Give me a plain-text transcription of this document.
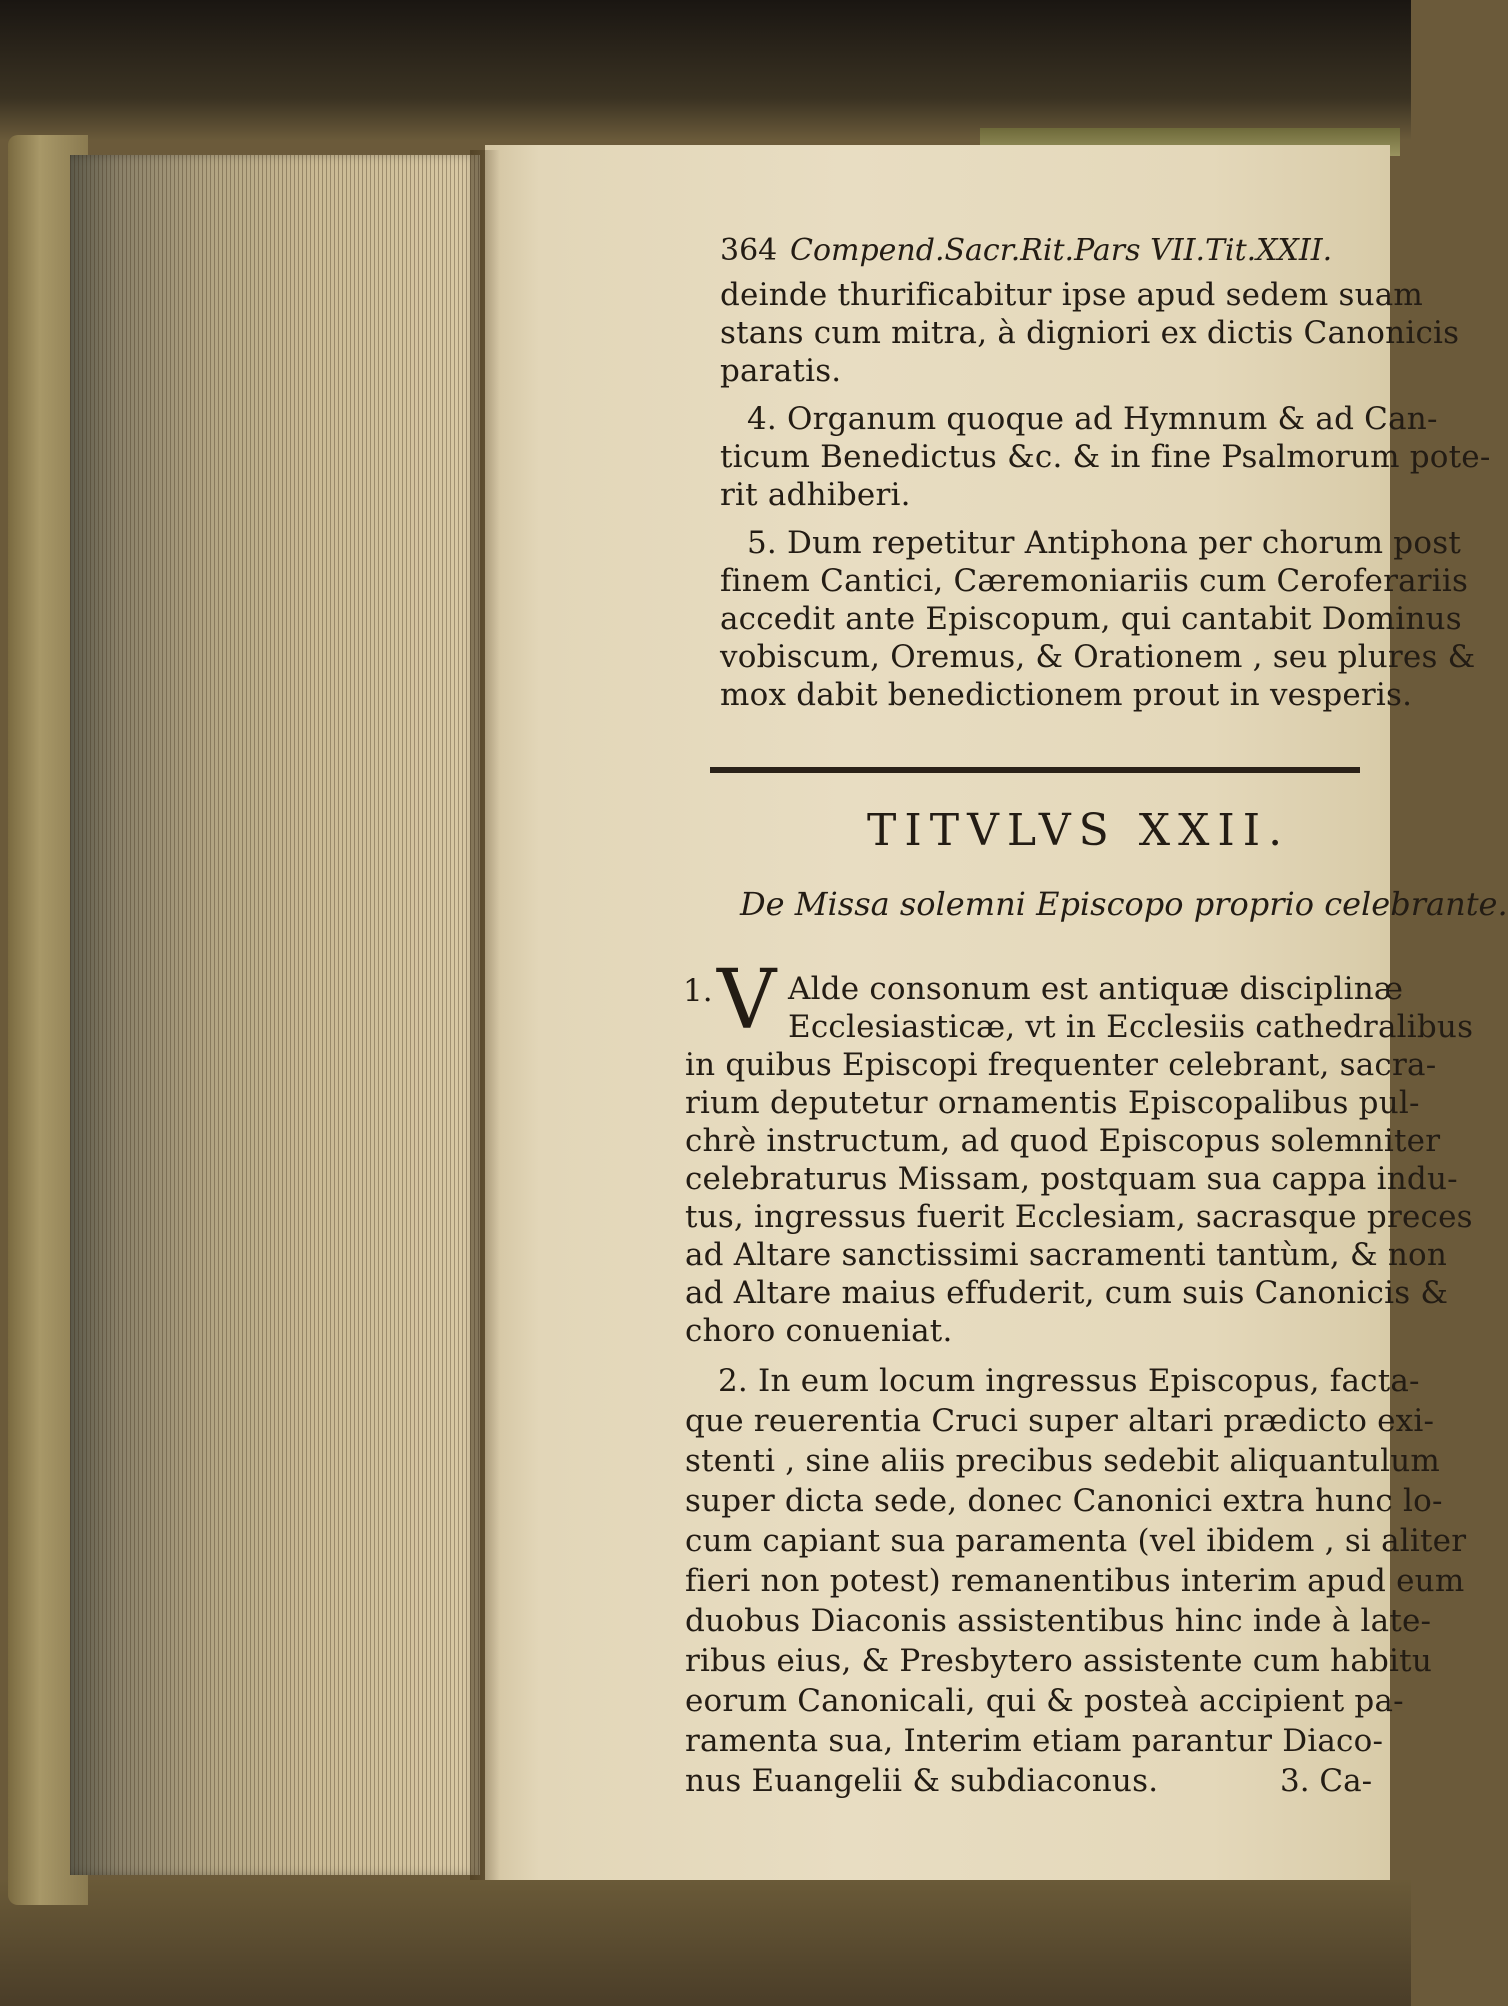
364 Compend.Sacr.Rit.Pars VII.Tit.XXII.
deinde thurificabitur ipse apud sedem suam
stans cum mitra, à digniori ex dictis Canonicis
paratis.
4. Organum quoque ad Hymnum & ad Can-
ticum Benedictus &c. & in fine Psalmorum pote-
rit adhiberi.
5. Dum repetitur Antiphona per chorum post
finem Cantici, Cæremoniariis cum Ceroferariis
accedit ante Episcopum, qui cantabit Dominus
vobiscum, Oremus, & Orationem , seu plures &
mox dabit benedictionem prout in vesperis.
TITVLVS XXII.
De Missa solemni Episcopo proprio celebrante.
1. V Alde consonum est antiquæ disciplinæ
Ecclesiasticæ, vt in Ecclesiis cathedralibus
in quibus Episcopi frequenter celebrant, sacra-
rium deputetur ornamentis Episcopalibus pul-
chrè instructum, ad quod Episcopus solemniter
celebraturus Missam, postquam sua cappa indu-
tus, ingressus fuerit Ecclesiam, sacrasque preces
ad Altare sanctissimi sacramenti tantùm, & non
ad Altare maius effuderit, cum suis Canonicis &
choro conueniat.
2. In eum locum ingressus Episcopus, facta-
que reuerentia Cruci super altari prædicto exi-
stenti , sine aliis precibus sedebit aliquantulum
super dicta sede, donec Canonici extra hunc lo-
cum capiant sua paramenta (vel ibidem , si aliter
fieri non potest) remanentibus interim apud eum
duobus Diaconis assistentibus hinc inde à late-
ribus eius, & Presbytero assistente cum habitu
eorum Canonicali, qui & posteà accipient pa-
ramenta sua, Interim etiam parantur Diaco-
nus Euangelii & subdiaconus.	3. Ca-
